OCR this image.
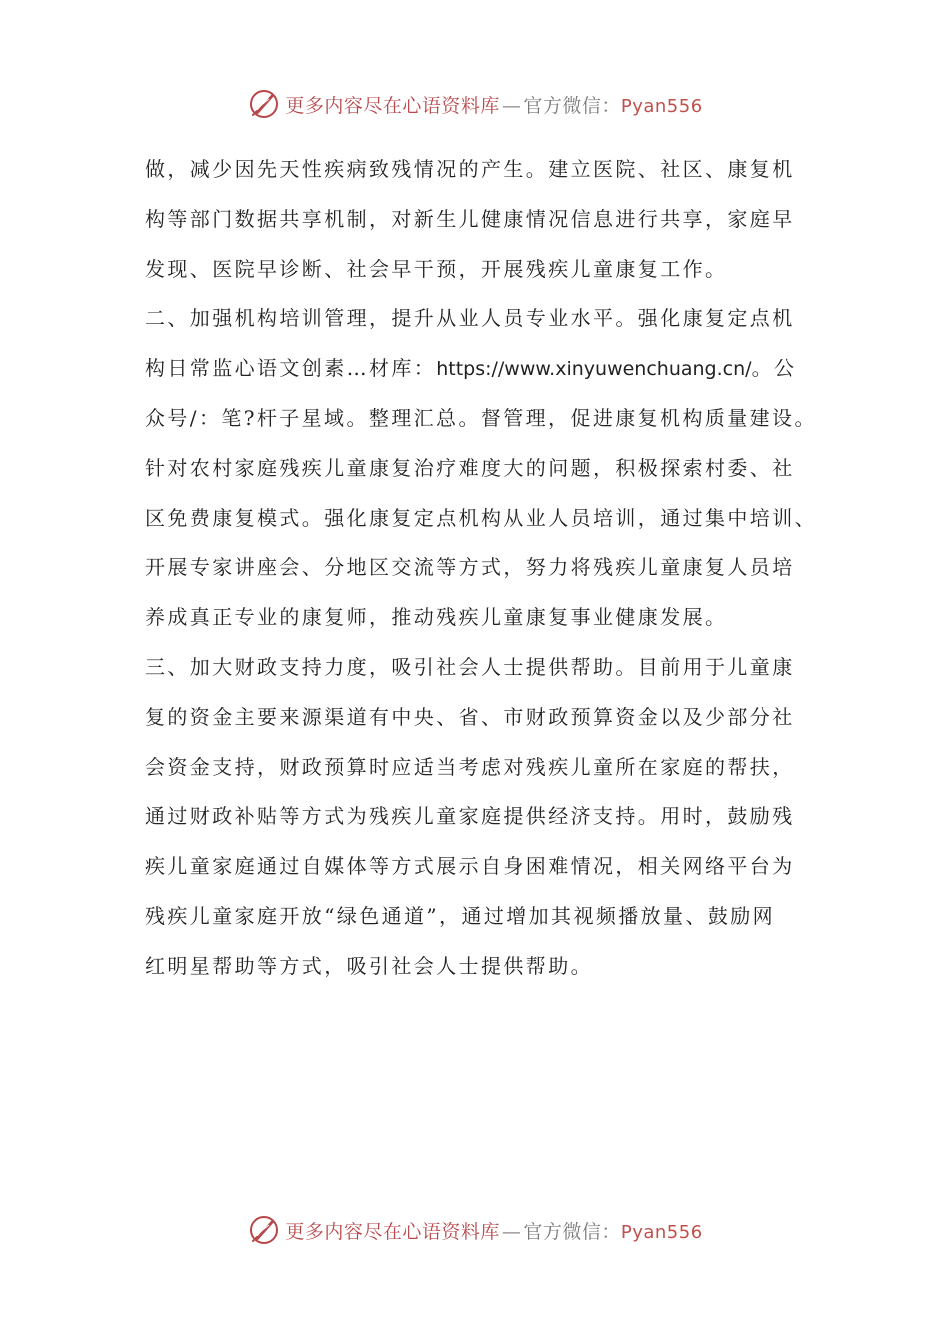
更多内容尽在心语资料库 — 官方微信： Pyan556
做，减少因先天性疾病致残情况的产生。建立医院、社区、康复机
构等部门数据共享机制，对新生儿健康情况信息进行共享，家庭早
发现、医院早诊断、社会早干预，开展残疾儿童康复工作。
二、加强机构培训管理，提升从业人员专业水平。强化康复定点机
构日常监心语文创素…材库：https://www.xinyuwenchuang.cn/。公
众号/：笔?杆子星域。整理汇总。督管理，促进康复机构质量建设。
针对农村家庭残疾儿童康复治疗难度大的问题，积极探索村委、社
区免费康复模式。强化康复定点机构从业人员培训，通过集中培训、
开展专家讲座会、分地区交流等方式，努力将残疾儿童康复人员培
养成真正专业的康复师，推动残疾儿童康复事业健康发展。
三、加大财政支持力度，吸引社会人士提供帮助。目前用于儿童康
复的资金主要来源渠道有中央、省、市财政预算资金以及少部分社
会资金支持，财政预算时应适当考虑对残疾儿童所在家庭的帮扶，
通过财政补贴等方式为残疾儿童家庭提供经济支持。用时，鼓励残
疾儿童家庭通过自媒体等方式展示自身困难情况，相关网络平台为
残疾儿童家庭开放“绿色通道”，通过增加其视频播放量、鼓励网
红明星帮助等方式，吸引社会人士提供帮助。
更多内容尽在心语资料库 — 官方微信： Pyan556
